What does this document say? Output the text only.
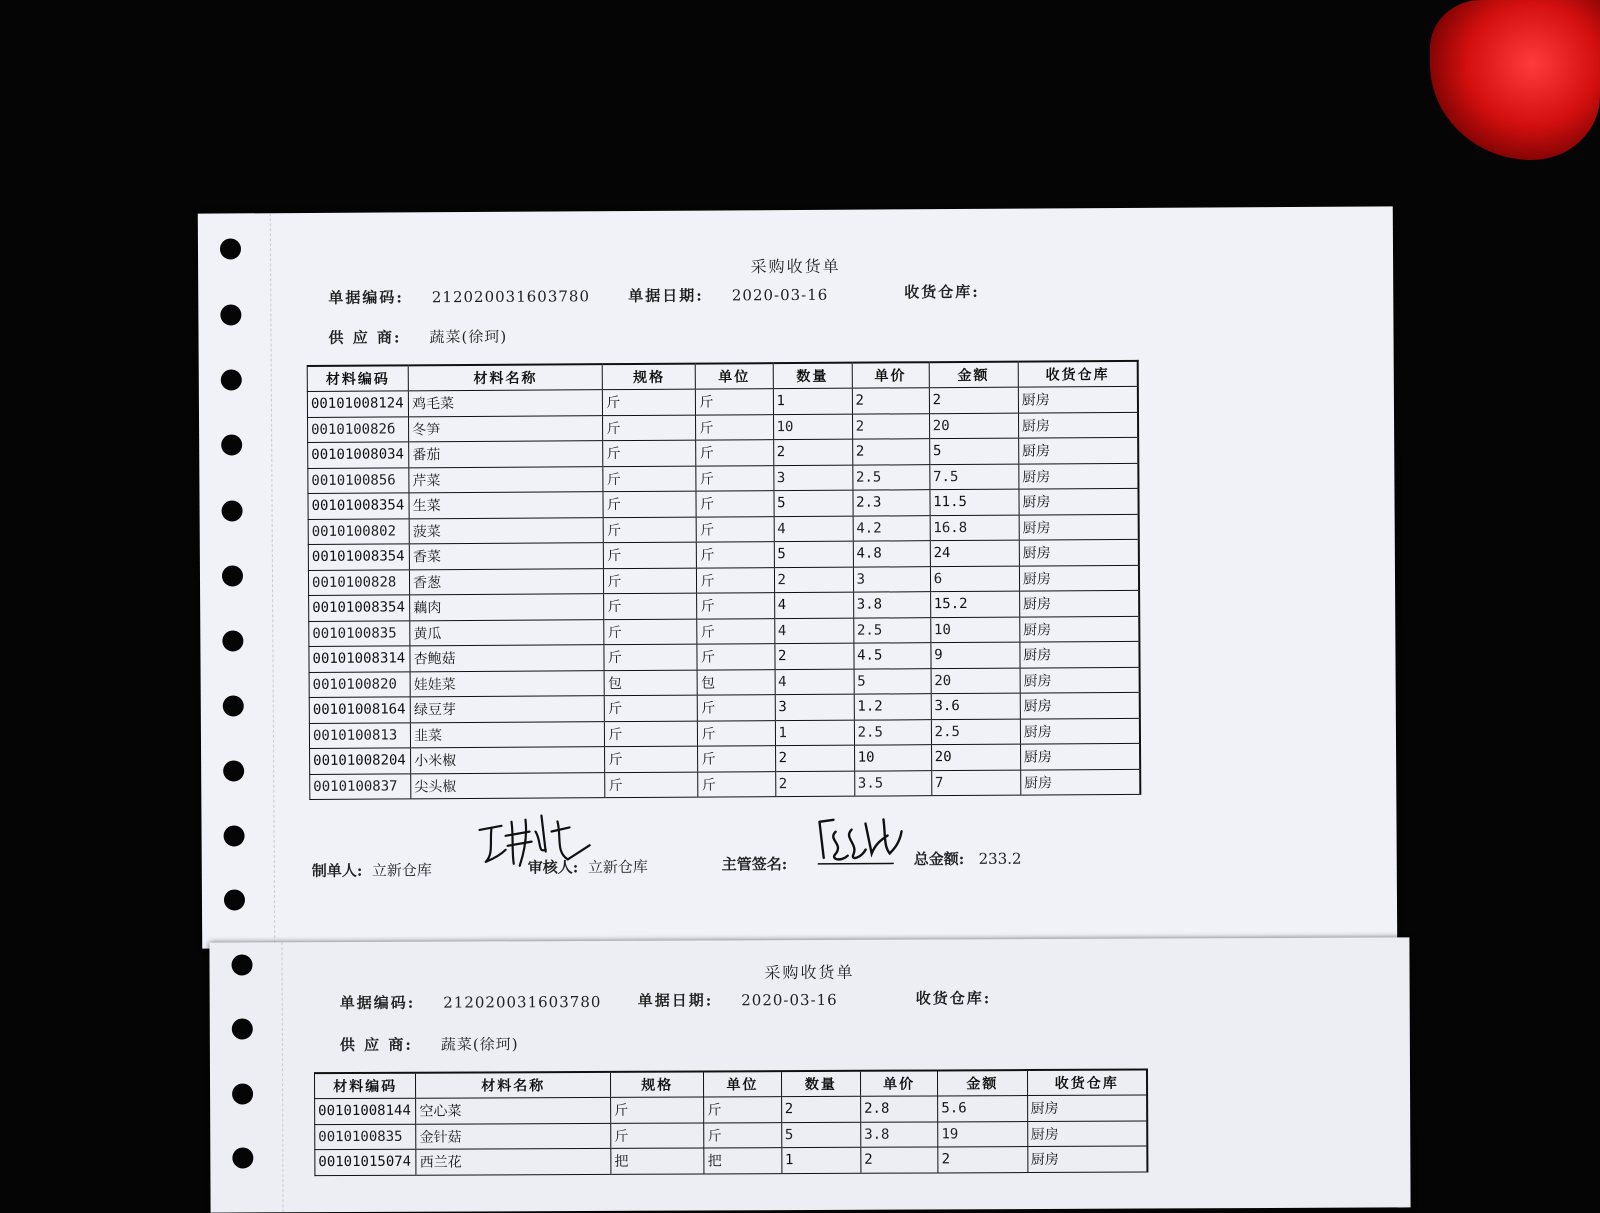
采购收货单
单据编码: 212020031603780	单据日期: 2020-03-16	收货仓库:
供 应 商: 蔬菜(徐珂)
材料编码	材料名称	规格	单位	数量	单价	金额	收货仓库
00101008124	鸡毛菜	斤	斤	1	2	2	厨房
001010082б	冬笋	斤	斤	10	2	20	厨房
00101008034	番茄	斤	斤	2	2	5	厨房
0010100856	芹菜	斤	斤	3	2.5	7.5	厨房
00101008354	生菜	斤	斤	5	2.3	11.5	厨房
0010100802	菠菜	斤	斤	4	4.2	16.8	厨房
00101008354	香菜	斤	斤	5	4.8	24	厨房
0010100828	香葱	斤	斤	2	3	6	厨房
00101008354	藕肉	斤	斤	4	3.8	15.2	厨房
0010100835	黄瓜	斤	斤	4	2.5	10	厨房
00101008314	杏鲍菇	斤	斤	2	4.5	9	厨房
0010100820	娃娃菜	包	包	4	5	20	厨房
00101008164	绿豆芽	斤	斤	3	1.2	3.6	厨房
0010100813	韭菜	斤	斤	1	2.5	2.5	厨房
00101008204	小米椒	斤	斤	2	10	20	厨房
0010100837	尖头椒	斤	斤	2	3.5	7	厨房
制单人: 立新仓库	审核人: 立新仓库	主管签名:	总金额: 233.2
采购收货单
单据编码: 212020031603780 单据日期: 2020-03-16	收货仓库:
供 应 商: 蔬菜(徐珂)
材料编码	材料名称	规格	单位	数量	单价	金额	收货仓库
00101008144	空心菜	斤	斤	2	2.8	5.6	厨房
0010100835	金针菇	斤	斤	5	3.8	19	厨房
00101015074	西兰花	把	把	1	2	2	厨房
